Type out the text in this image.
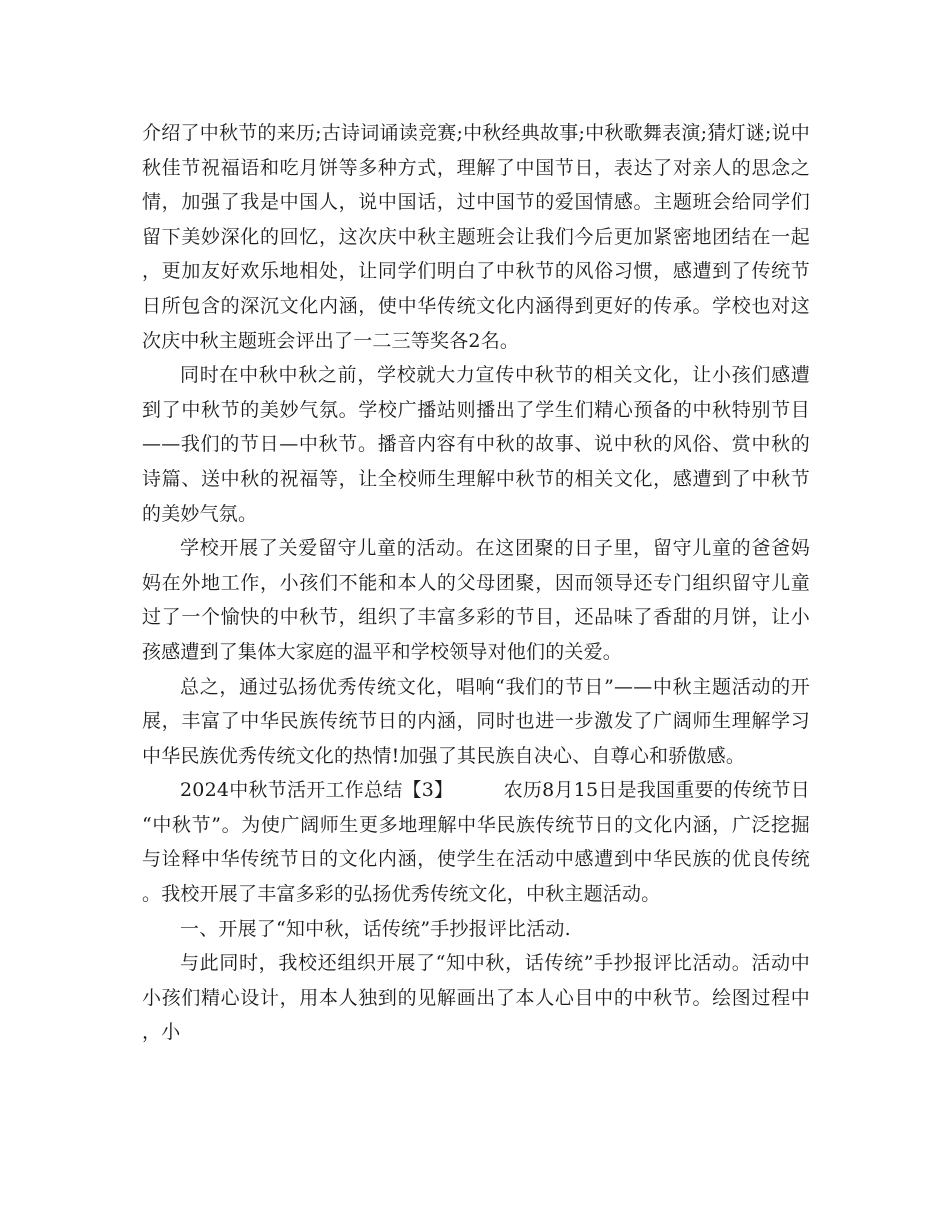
介绍了中秋节的来历;古诗词诵读竞赛;中秋经典故事;中秋歌舞表演;猜灯谜;说中秋佳节祝福语和吃月饼等多种方式，理解了中国节日，表达了对亲人的思念之情，加强了我是中国人，说中国话，过中国节的爱国情感。主题班会给同学们留下美妙深化的回忆，这次庆中秋主题班会让我们今后更加紧密地团结在一起，更加友好欢乐地相处，让同学们明白了中秋节的风俗习惯，感遭到了传统节日所包含的深沉文化内涵，使中华传统文化内涵得到更好的传承。学校也对这次庆中秋主题班会评出了一二三等奖各2名。

同时在中秋中秋之前，学校就大力宣传中秋节的相关文化，让小孩们感遭到了中秋节的美妙气氛。学校广播站则播出了学生们精心预备的中秋特别节目——我们的节日—中秋节。播音内容有中秋的故事、说中秋的风俗、赏中秋的诗篇、送中秋的祝福等，让全校师生理解中秋节的相关文化，感遭到了中秋节的美妙气氛。

学校开展了关爱留守儿童的活动。在这团聚的日子里，留守儿童的爸爸妈妈在外地工作，小孩们不能和本人的父母团聚，因而领导还专门组织留守儿童过了一个愉快的中秋节，组织了丰富多彩的节目，还品味了香甜的月饼，让小孩感遭到了集体大家庭的温平和学校领导对他们的关爱。

总之，通过弘扬优秀传统文化，唱响“我们的节日”——中秋主题活动的开展，丰富了中华民族传统节日的内涵，同时也进一步激发了广阔师生理解学习中华民族优秀传统文化的热情!加强了其民族自决心、自尊心和骄傲感。

2024中秋节活开工作总结【3】	农历8月15日是我国重要的传统节日“中秋节”。为使广阔师生更多地理解中华民族传统节日的文化内涵，广泛挖掘与诠释中华传统节日的文化内涵，使学生在活动中感遭到中华民族的优良传统。我校开展了丰富多彩的弘扬优秀传统文化，中秋主题活动。

一、开展了“知中秋，话传统”手抄报评比活动.

与此同时，我校还组织开展了“知中秋，话传统”手抄报评比活动。活动中小孩们精心设计，用本人独到的见解画出了本人心目中的中秋节。绘图过程中，小
